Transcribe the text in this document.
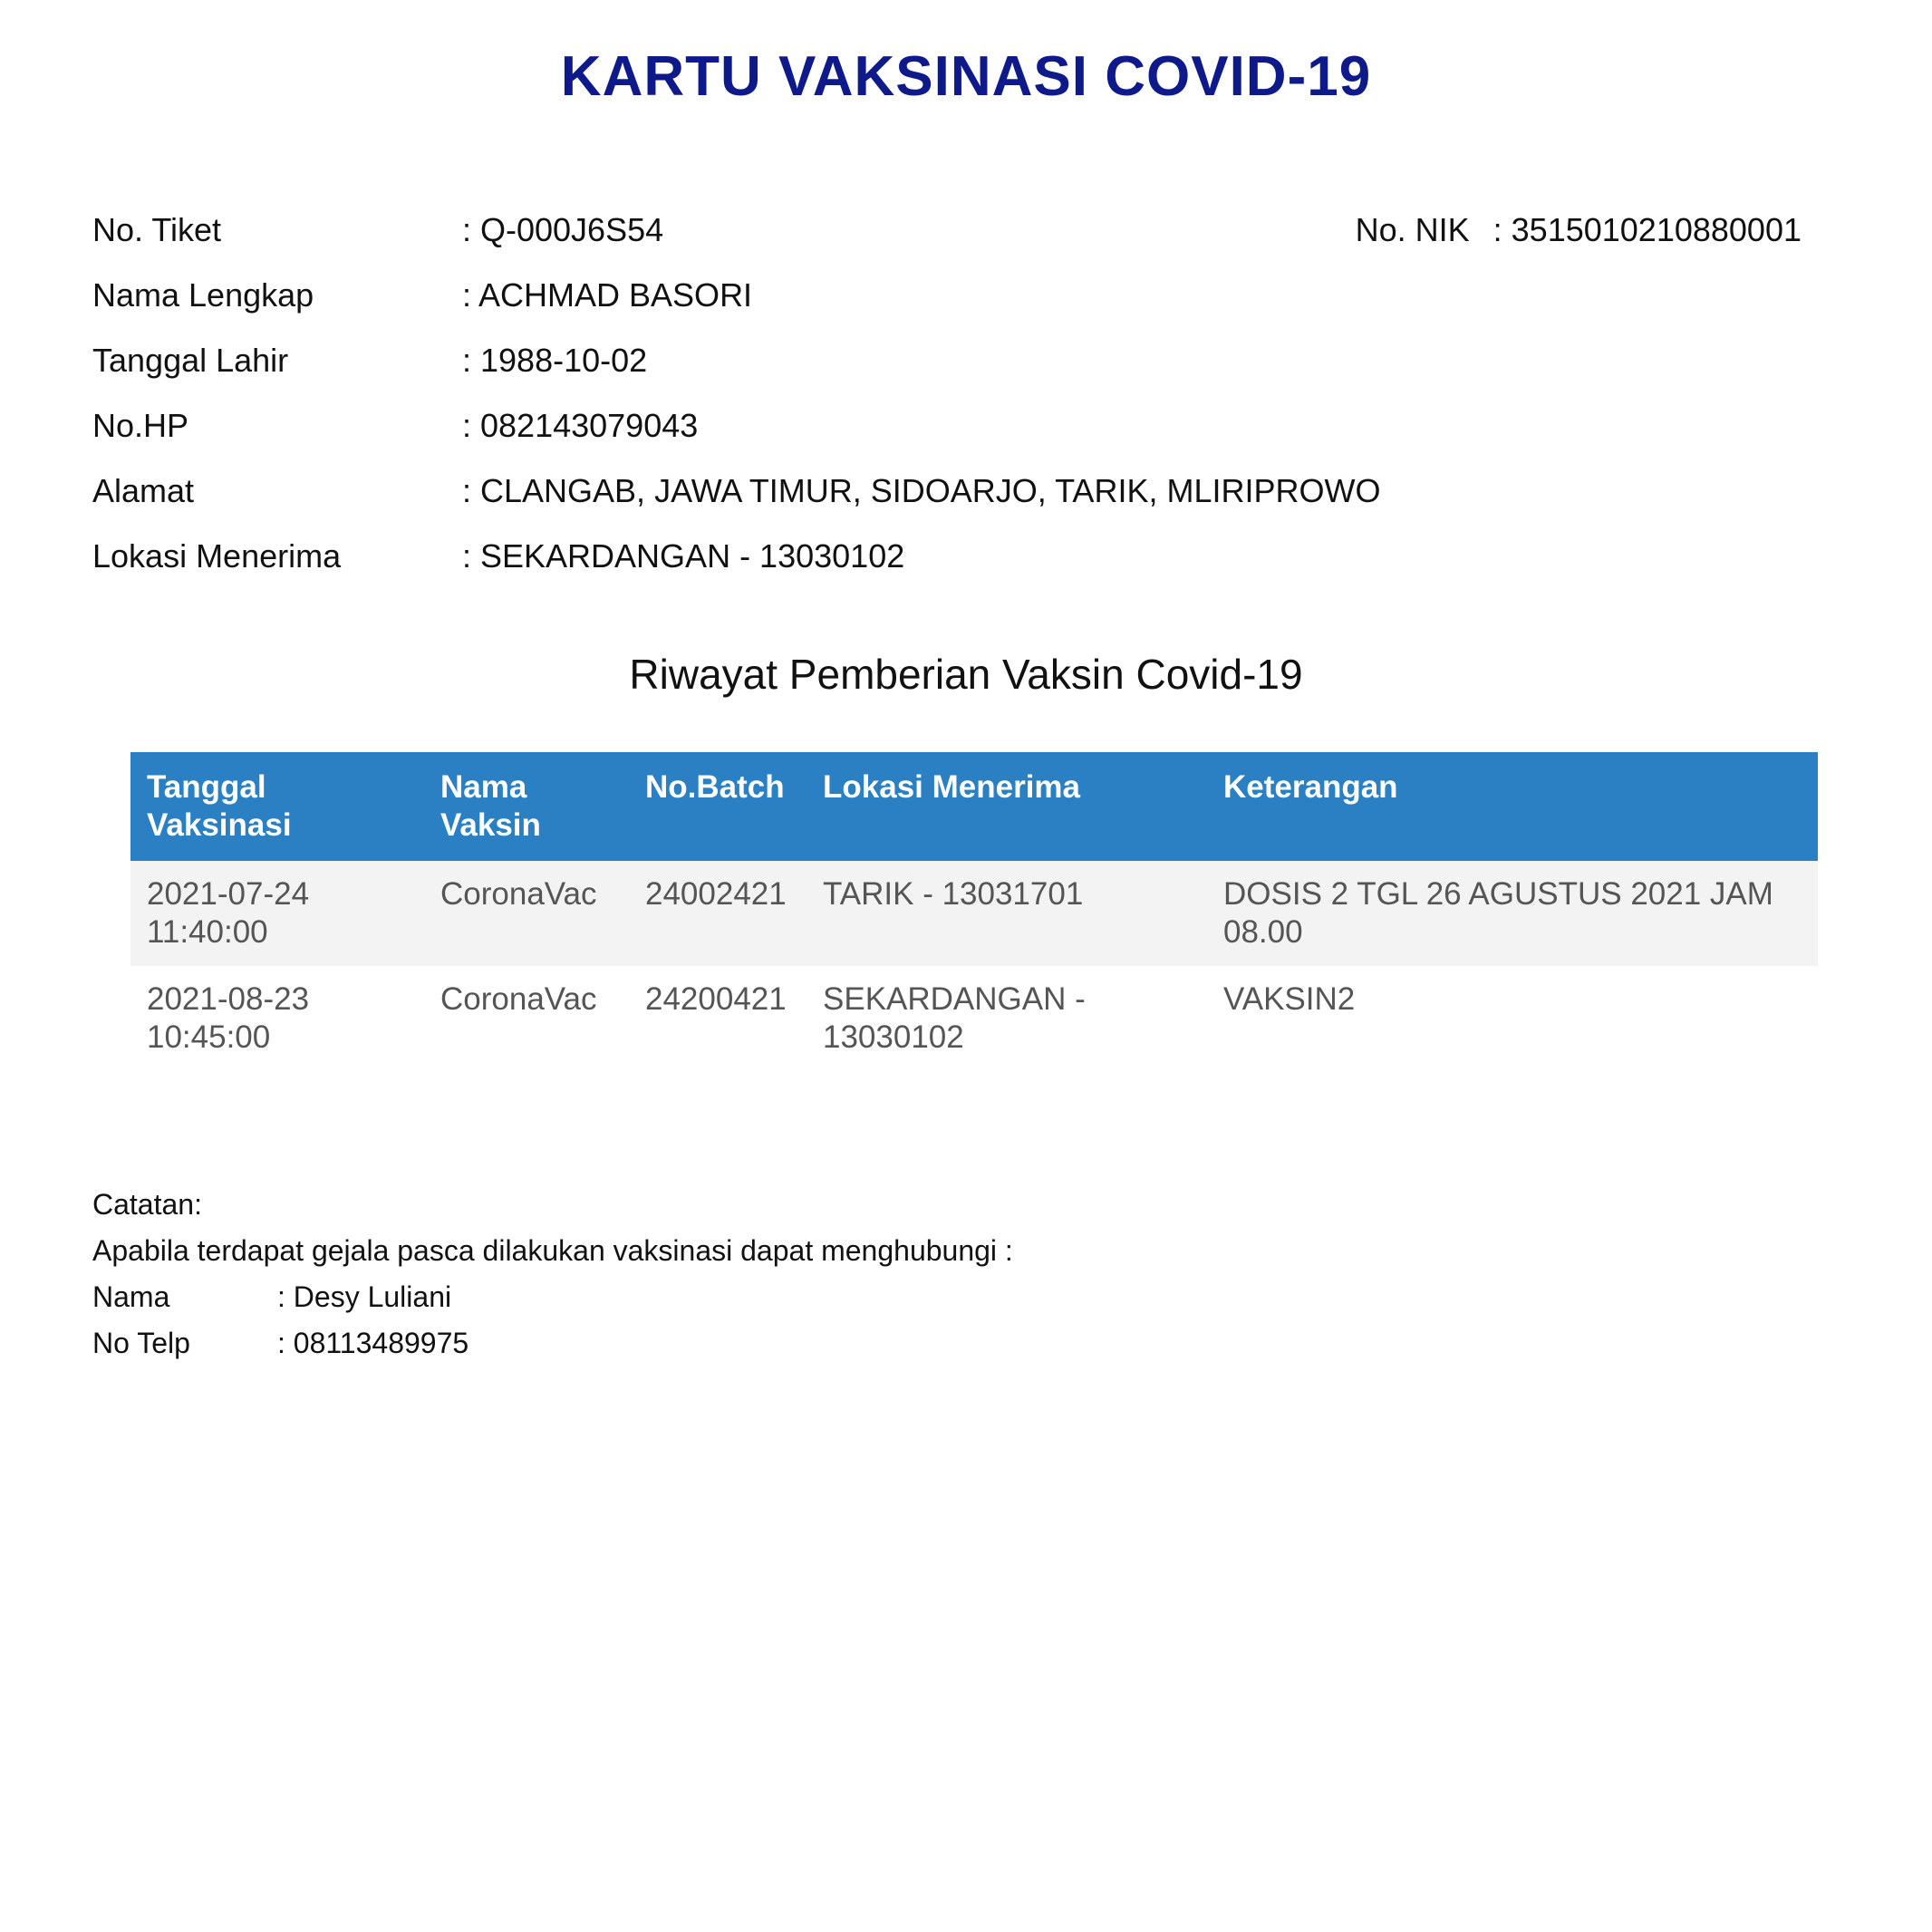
KARTU VAKSINASI COVID-19
No. Tiket	: Q-000J6S54
Nama Lengkap	: ACHMAD BASORI
Tanggal Lahir	: 1988-10-02
No.HP	: 082143079043
Alamat	: CLANGAB, JAWA TIMUR, SIDOARJO, TARIK, MLIRIPROWO
Lokasi Menerima	: SEKARDANGAN - 13030102
No. NIK : 3515010210880001
Riwayat Pemberian Vaksin Covid-19
Tanggal Vaksinasi	Nama Vaksin	No.Batch	Lokasi Menerima	Keterangan
2021-07-24 11:40:00	CoronaVac	24002421	TARIK - 13031701	DOSIS 2 TGL 26 AGUSTUS 2021 JAM 08.00
2021-08-23 10:45:00	CoronaVac	24200421	SEKARDANGAN - 13030102	VAKSIN2
Catatan:
Apabila terdapat gejala pasca dilakukan vaksinasi dapat menghubungi :
Nama	: Desy Luliani
No Telp	: 08113489975
